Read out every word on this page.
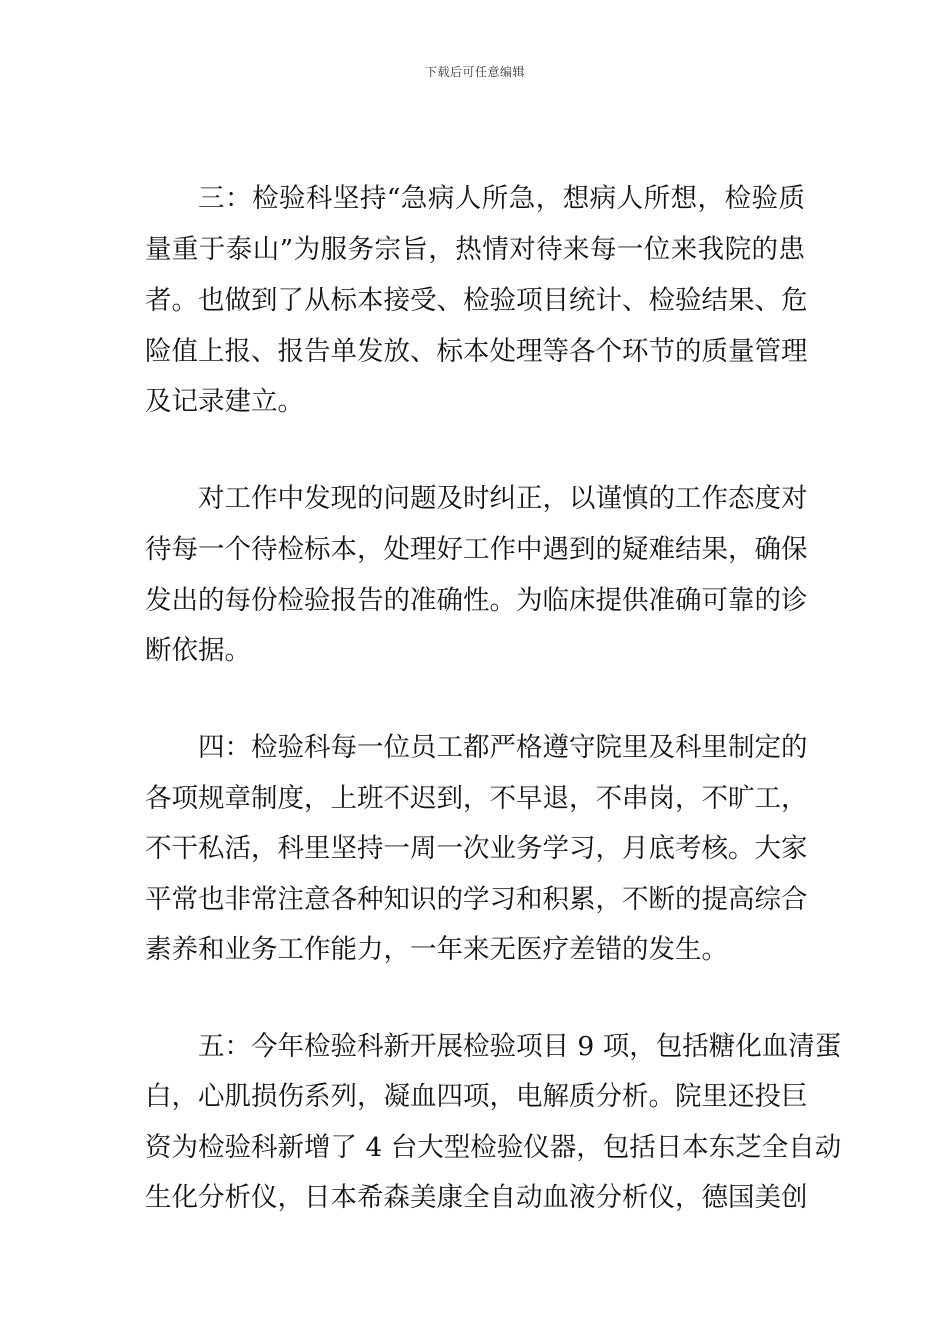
下载后可任意编辑
三：检验科坚持“急病人所急，想病人所想，检验质
量重于泰山”为服务宗旨，热情对待来每一位来我院的患
者。也做到了从标本接受、检验项目统计、检验结果、危
险值上报、报告单发放、标本处理等各个环节的质量管理
及记录建立。
对工作中发现的问题及时纠正，以谨慎的工作态度对
待每一个待检标本，处理好工作中遇到的疑难结果，确保
发出的每份检验报告的准确性。为临床提供准确可靠的诊
断依据。
四：检验科每一位员工都严格遵守院里及科里制定的
各项规章制度，上班不迟到，不早退，不串岗，不旷工，
不干私活，科里坚持一周一次业务学习，月底考核。大家
平常也非常注意各种知识的学习和积累，不断的提高综合
素养和业务工作能力，一年来无医疗差错的发生。
五：今年检验科新开展检验项目 9 项，包括糖化血清蛋
白，心肌损伤系列，凝血四项，电解质分析。院里还投巨
资为检验科新增了 4 台大型检验仪器，包括日本东芝全自动
生化分析仪，日本希森美康全自动血液分析仪，德国美创
